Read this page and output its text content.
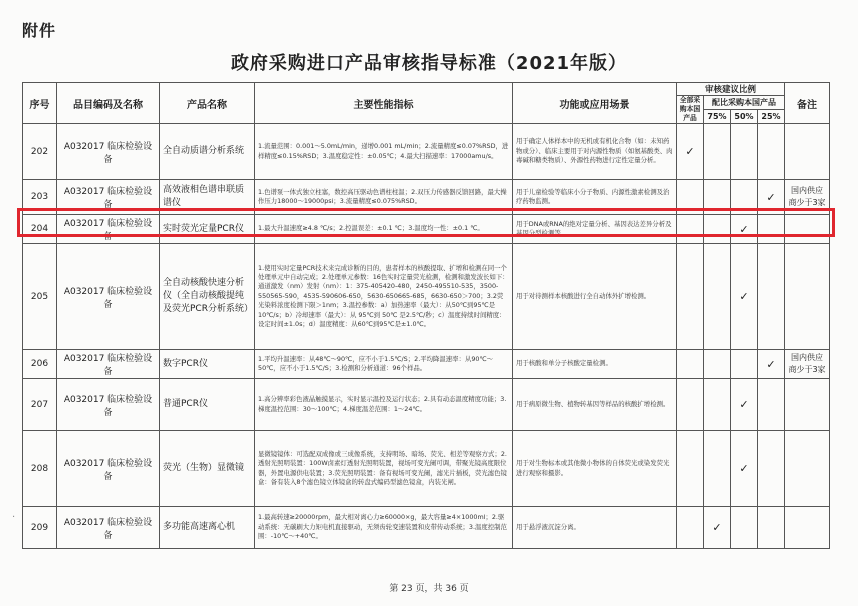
附件
政府采购进口产品审核指导标准（2021年版）
序号	品目编码及名称	产品名称	主要性能指标	功能或应用场景	审核建议比例				备注
					全部采购本国产品	配比采购本国产品			
						75%	50%	25%	
202	A032017 临床检验设备	全自动质谱分析系统	1.流量范围：0.001～5.0mL/min，递增0.001 mL/min；2.流量精度≤0.07%RSD，进样精度≤0.15%RSD；3.温度稳定性：±0.05℃；4.最大扫描速率：17000amu/s。	用于确定人体样本中的无机或有机化合物（如：未知药物或分）、临床主要用于对内源性物质（如氨基酸类、肉毒碱和糖类物质）、外源性药物进行定性定量分析。	✓				
203	A032017 临床检验设备	高效液相色谱串联质谱仪	1.色谱泵一体式独立柱塞，数控高压驱动色谱柱柱温；2.双压力传感器反馈回路，最大操作压力18000～19000psi；3.流量精度≤0.075%RSD。	用于儿童检验等临床小分子物质、内源性激素检测及治疗药物监测。				✓	国内供应商少于3家
204	A032017 临床检验设备	实时荧光定量PCR仪	1.最大升温速度≥4.8 ℃/s；2.控温误差：±0.1 ℃；3.温度均一性：±0.1 ℃。	用于DNA或RNA的绝对定量分析、基因表达差异分析及基因分型检测等。			✓		
205	A032017 临床检验设备	全自动核酸快速分析仪（全自动核酸提纯及荧光PCR分析系统）	1.使用实时定量PCR技术来完成诊断的目的，患者样本的核酸提取、扩增和检测在同一个处理单元中自动完成；2.处理单元参数：16色实时定量荧光检测，检测和激发波长如下：通道激发（nm）发射（nm）：1：375-405420-480，2450-495510-535，3500-550565-590，4535-590606-650，5630-650665-685，6630-650＞700；3.2荧光染料浓度检测下限＞1nm；3.温控参数：a）加热速率（最大）：从50℃到95℃是10℃/s；b）冷却速率（最大）：从 95℃到 50℃ 是2.5℃/秒；c）温度持续时间精度：设定时间±1.0s；d）温度精度：从60℃到95℃是±1.0℃。	用于对待测样本核酸进行全自动体外扩增检测。			✓		
206	A032017 临床检验设备	数字PCR仪	1.平均升温速率：从48℃～90℃，应不小于1.5℃/S；2.平均降温速率：从90℃～50℃，应不小于1.5℃/S；3.检测和分析通道：96个样品。	用于核酸和单分子核酸定量检测。				✓	国内供应商少于3家
207	A032017 临床检验设备	普通PCR仪	1.高分辨率彩色液晶触摸显示，实时显示温控及运行状态；2.具有动态温度精度功能；3.梯度温控范围：30～100℃；4.梯度温差范围：1～24℃。	用于病原微生物、植物转基因等样品的核酸扩增检测。			✓		
208	A032017 临床检验设备	荧光（生物）显微镜	显微镜镜体：可选配双成像或三成像系统，支持明场、暗场、荧光、相差等观察方式；2.透射光照明装置：100W卤素灯透射光照明装置，视场可变光阑可调，带聚光镜高度限位器，外置电源供电装置；3.荧光照明装置：备有视场可变光阑，滤光片插板，荧光滤色镜盒：备有装入8个滤色镜立体镜盒的转盘式编码型滤色镜盒，内装光闸。	用于对生物标本或其他微小物体的自体荧光或染发荧光进行观察和摄影。			✓		
209	A032017 临床检验设备	多功能高速离心机	1.最高转速≥20000rpm，最大相对离心力≥60000×g，最大容量≥4×1000ml；2.驱动系统：无碳刷大力矩电机直接驱动，无须齿轮变速装置和皮带传动系统；3.温度控制范围：-10℃～+40℃。	用于悬浮液沉淀分离。		✓			
·
第 23 页，共 36 页
